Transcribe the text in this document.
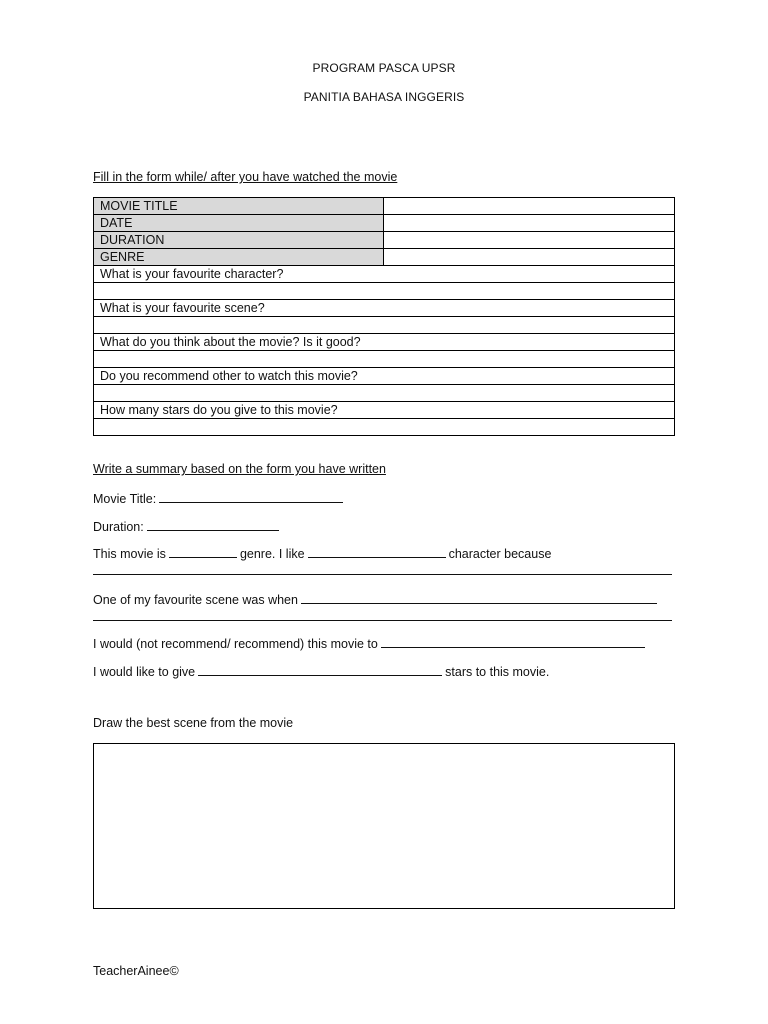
PROGRAM PASCA UPSR
PANITIA BAHASA INGGERIS
Fill in the form while/ after you have watched the movie
MOVIE TITLE	
DATE	
DURATION	
GENRE	
What is your favourite character?	

What is your favourite scene?	

What do you think about the movie? Is it good?	

Do you recommend other to watch this movie?	

How many stars do you give to this movie?	

Write a summary based on the form you have written
Movie Title:
Duration:
This movie is	genre. I like	character because
One of my favourite scene was when
I would (not recommend/ recommend) this movie to
I would like to give	stars to this movie.
Draw the best scene from the movie
TeacherAinee©
